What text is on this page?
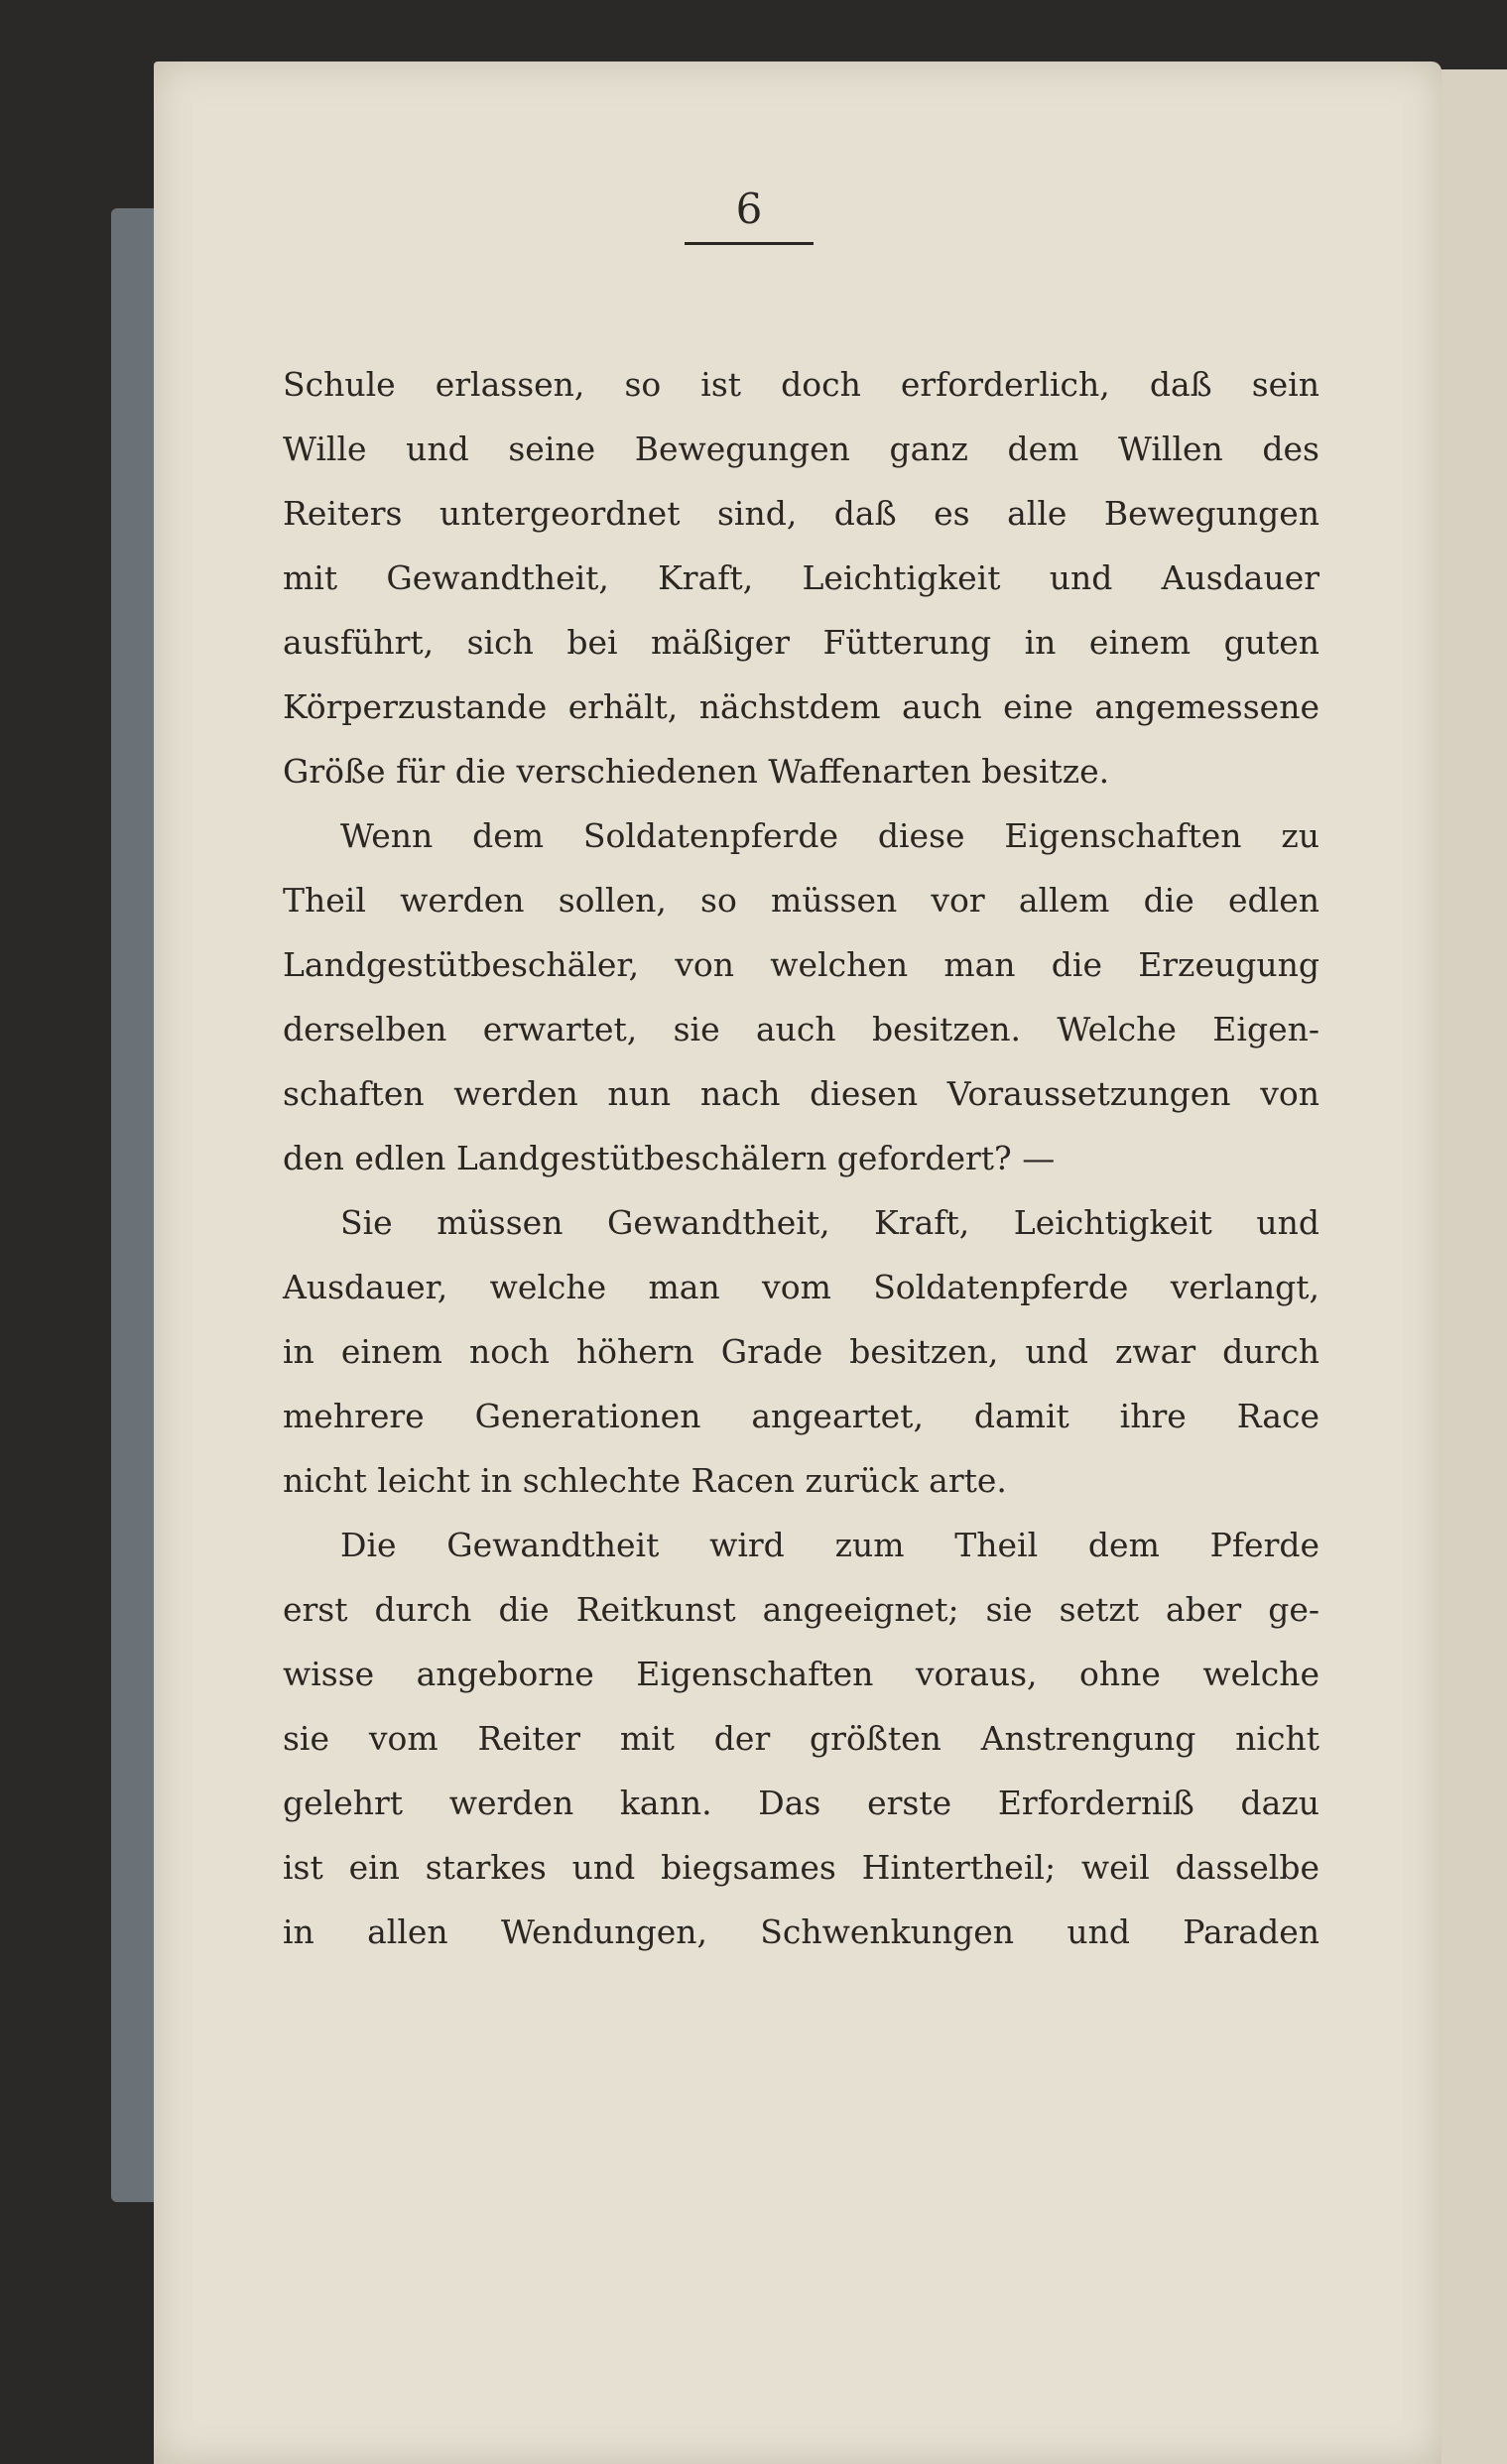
6
Schule erlassen, so ist doch erforderlich, daß sein
Wille und seine Bewegungen ganz dem Willen des
Reiters untergeordnet sind, daß es alle Bewegungen
mit Gewandtheit, Kraft, Leichtigkeit und Ausdauer
ausführt, sich bei mäßiger Fütterung in einem guten
Körperzustande erhält, nächstdem auch eine angemessene
Größe für die verschiedenen Waffenarten besitze.
Wenn dem Soldatenpferde diese Eigenschaften zu
Theil werden sollen, so müssen vor allem die edlen
Landgestütbeschäler, von welchen man die Erzeugung
derselben erwartet, sie auch besitzen. Welche Eigen-
schaften werden nun nach diesen Voraussetzungen von
den edlen Landgestütbeschälern gefordert? —
Sie müssen Gewandtheit, Kraft, Leichtigkeit und
Ausdauer, welche man vom Soldatenpferde verlangt,
in einem noch höhern Grade besitzen, und zwar durch
mehrere Generationen angeartet, damit ihre Race
nicht leicht in schlechte Racen zurück arte.
Die Gewandtheit wird zum Theil dem Pferde
erst durch die Reitkunst angeeignet; sie setzt aber ge-
wisse angeborne Eigenschaften voraus, ohne welche
sie vom Reiter mit der größten Anstrengung nicht
gelehrt werden kann. Das erste Erforderniß dazu
ist ein starkes und biegsames Hintertheil; weil dasselbe
in allen Wendungen, Schwenkungen und Paraden
